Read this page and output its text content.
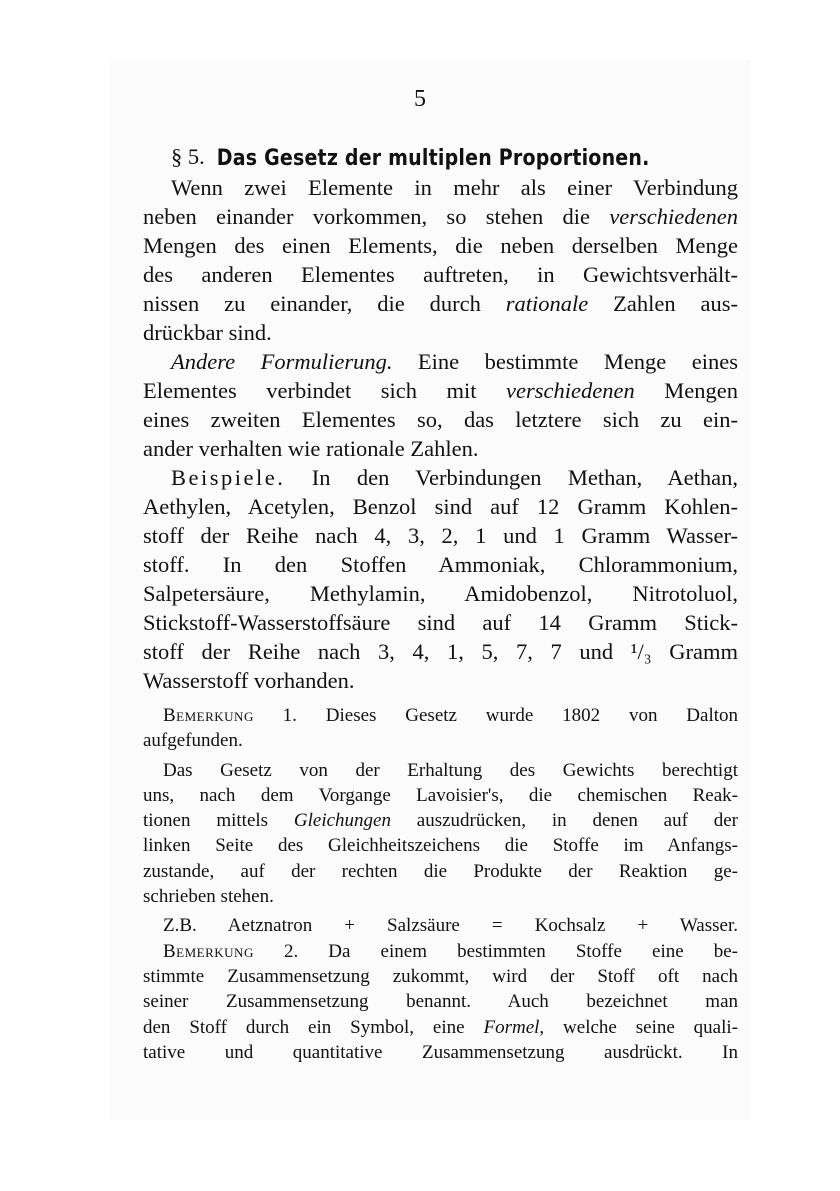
5
§ 5. Das Gesetz der multiplen Proportionen.
Wenn zwei Elemente in mehr als einer Verbindung
neben einander vorkommen, so stehen die verschiedenen
Mengen des einen Elements, die neben derselben Menge
des anderen Elementes auftreten, in Gewichtsverhält-
nissen zu einander, die durch rationale Zahlen aus-
drückbar sind.
Andere Formulierung. Eine bestimmte Menge eines
Elementes verbindet sich mit verschiedenen Mengen
eines zweiten Elementes so, das letztere sich zu ein-
ander verhalten wie rationale Zahlen.
Beispiele. In den Verbindungen Methan, Aethan,
Aethylen, Acetylen, Benzol sind auf 12 Gramm Kohlen-
stoff der Reihe nach 4, 3, 2, 1 und 1 Gramm Wasser-
stoff. In den Stoffen Ammoniak, Chlorammonium,
Salpetersäure, Methylamin, Amidobenzol, Nitrotoluol,
Stickstoff-Wasserstoffsäure sind auf 14 Gramm Stick-
stoff der Reihe nach 3, 4, 1, 5, 7, 7 und ¹/₃ Gramm
Wasserstoff vorhanden.
Bemerkung 1. Dieses Gesetz wurde 1802 von Dalton
aufgefunden.
Das Gesetz von der Erhaltung des Gewichts berechtigt
uns, nach dem Vorgange Lavoisier's, die chemischen Reak-
tionen mittels Gleichungen auszudrücken, in denen auf der
linken Seite des Gleichheitszeichens die Stoffe im Anfangs-
zustande, auf der rechten die Produkte der Reaktion ge-
schrieben stehen.
Z.B. Aetznatron + Salzsäure = Kochsalz + Wasser.
Bemerkung 2. Da einem bestimmten Stoffe eine be-
stimmte Zusammensetzung zukommt, wird der Stoff oft nach
seiner Zusammensetzung benannt. Auch bezeichnet man
den Stoff durch ein Symbol, eine Formel, welche seine quali-
tative und quantitative Zusammensetzung ausdrückt. In
